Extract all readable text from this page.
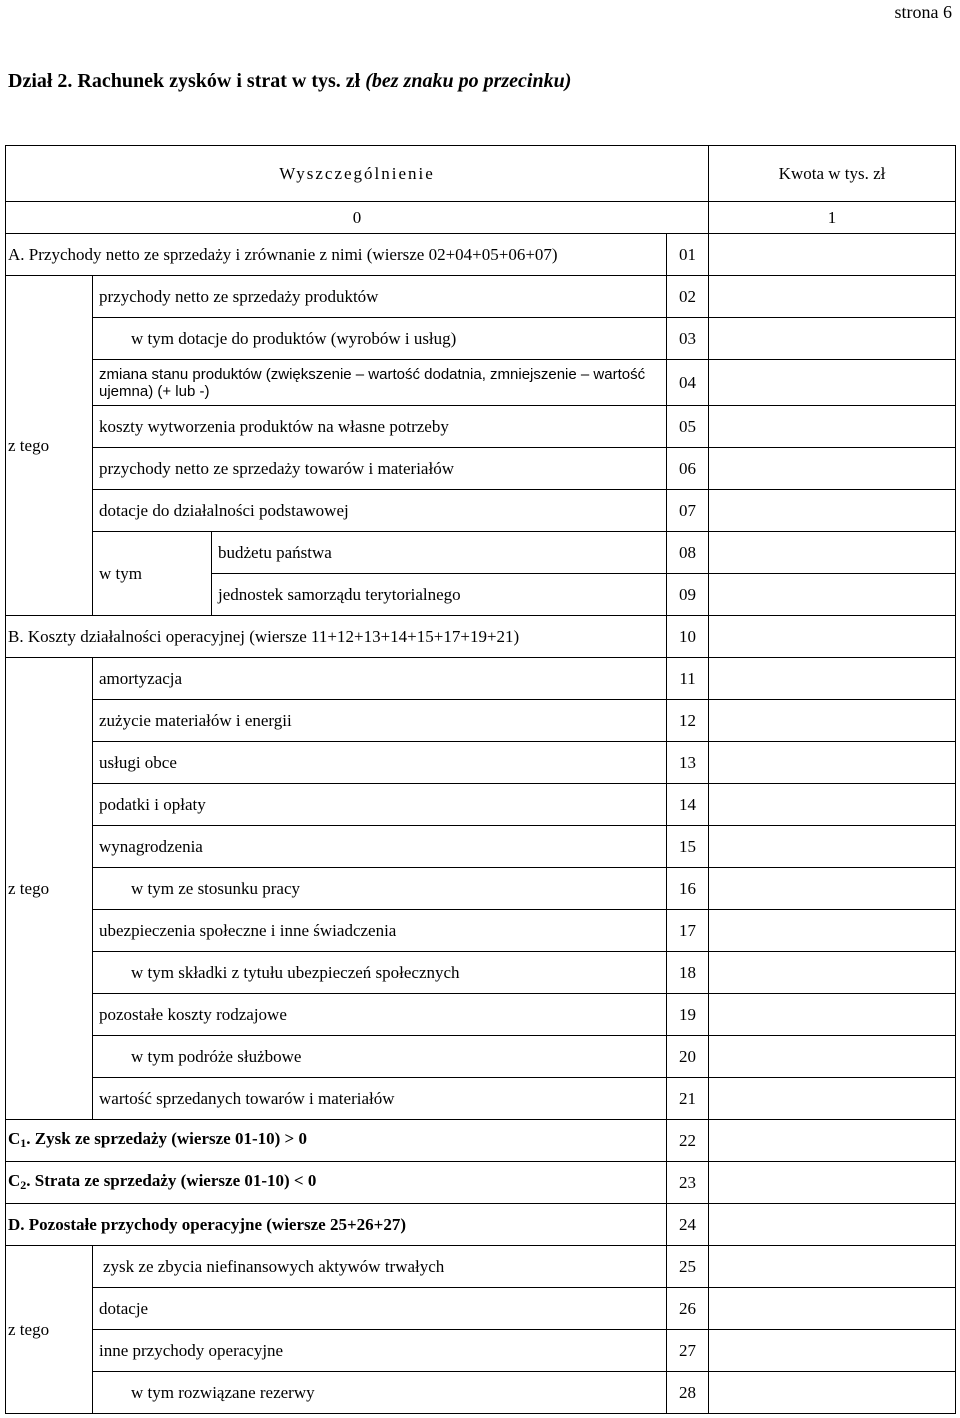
strona 6
Dział 2. Rachunek zysków i strat w tys. zł (bez znaku po przecinku)
Wyszczególnienie				Kwota w tys. zł
0				1
A. Przychody netto ze sprzedaży i zrównanie z nimi (wiersze 02+04+05+06+07)			01	
z tego	przychody netto ze sprzedaży produktów		02	
	w tym dotacje do produktów (wyrobów i usług)		03	
	zmiana stanu produktów (zwiększenie – wartość dodatnia, zmniejszenie – wartość ujemna) (+ lub -)		04	
	koszty wytworzenia produktów na własne potrzeby		05	
	przychody netto ze sprzedaży towarów i materiałów		06	
	dotacje do działalności podstawowej		07	
	w tym	budżetu państwa	08	
		jednostek samorządu terytorialnego	09	
B. Koszty działalności operacyjnej (wiersze 11+12+13+14+15+17+19+21)			10	
z tego	amortyzacja		11	
	zużycie materiałów i energii		12	
	usługi obce		13	
	podatki i opłaty		14	
	wynagrodzenia		15	
	w tym ze stosunku pracy		16	
	ubezpieczenia społeczne i inne świadczenia		17	
	w tym składki z tytułu ubezpieczeń społecznych		18	
	pozostałe koszty rodzajowe		19	
	w tym podróże służbowe		20	
	wartość sprzedanych towarów i materiałów		21	
$C_1$. Zysk ze sprzedaży (wiersze 01-10) > 0			22	
$C_2$. Strata ze sprzedaży (wiersze 01-10) < 0			23	
D. Pozostałe przychody operacyjne (wiersze 25+26+27)			24	
z tego	zysk ze zbycia niefinansowych aktywów trwałych		25	
	dotacje		26	
	inne przychody operacyjne		27	
	w tym rozwiązane rezerwy		28	
